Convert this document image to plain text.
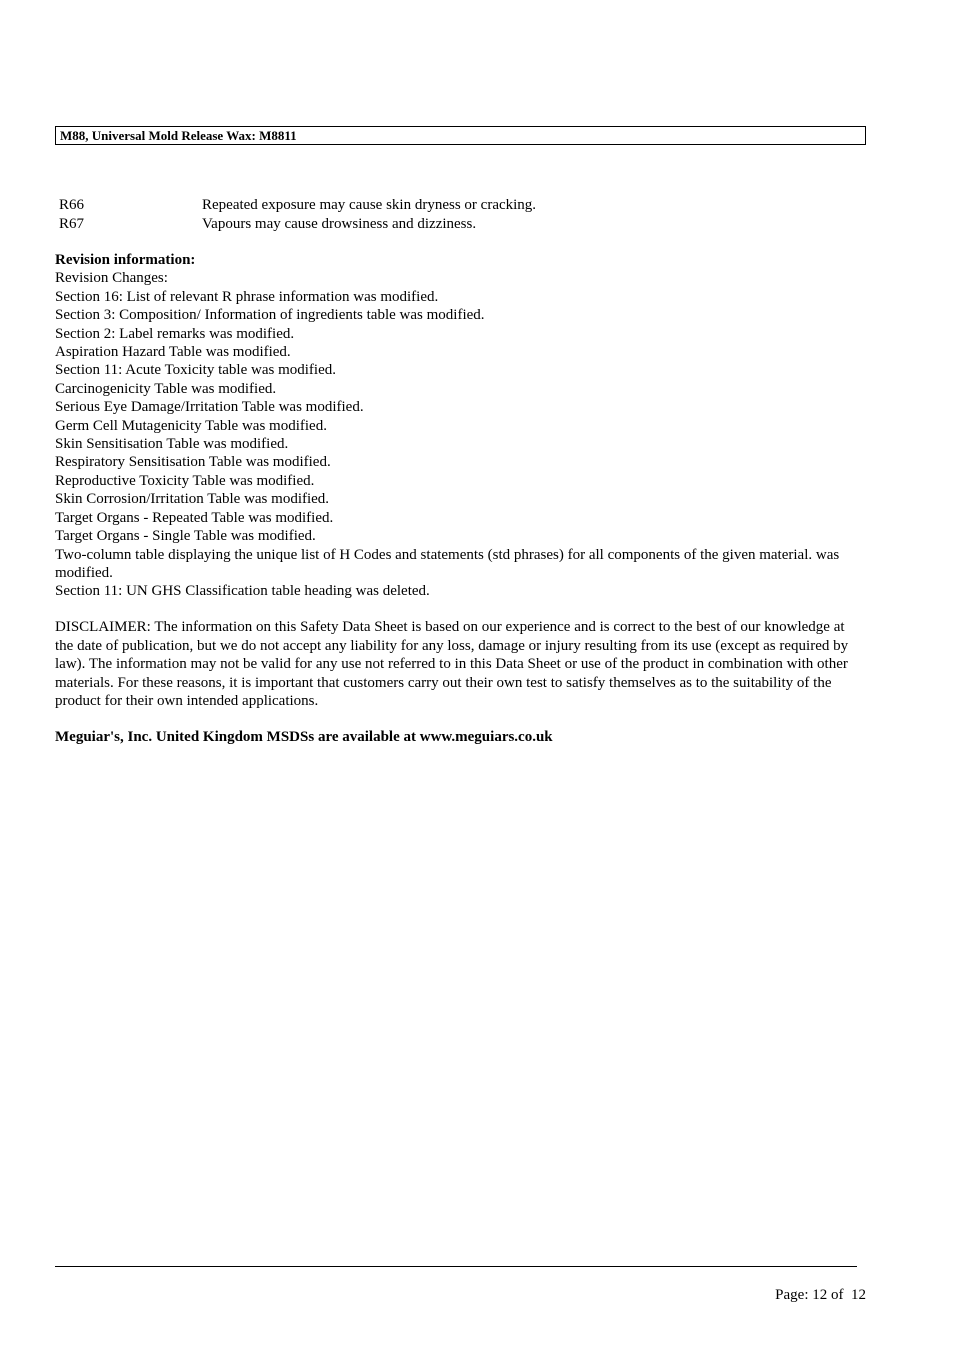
M88, Universal Mold Release Wax: M8811
R66	Repeated exposure may cause skin dryness or cracking.
R67	Vapours may cause drowsiness and dizziness.

Revision information:

Revision Changes:

Section 16: List of relevant R phrase information was modified.

Section 3: Composition/ Information of ingredients table was modified.

Section 2: Label remarks was modified.

Aspiration Hazard Table was modified.

Section 11: Acute Toxicity table was modified.

Carcinogenicity Table was modified.

Serious Eye Damage/Irritation Table was modified.

Germ Cell Mutagenicity Table was modified.

Skin Sensitisation Table was modified.

Respiratory Sensitisation Table was modified.

Reproductive Toxicity Table was modified.

Skin Corrosion/Irritation Table was modified.

Target Organs - Repeated Table was modified.

Target Organs - Single Table was modified.

Two-column table displaying the unique list of H Codes and statements (std phrases) for all components of the given material. was modified.

Section 11: UN GHS Classification table heading was deleted.

DISCLAIMER: The information on this Safety Data Sheet is based on our experience and is correct to the best of our knowledge at the date of publication, but we do not accept any liability for any loss, damage or injury resulting from its use (except as required by law). The information may not be valid for any use not referred to in this Data Sheet or use of the product in combination with other materials. For these reasons, it is important that customers carry out their own test to satisfy themselves as to the suitability of the product for their own intended applications.

Meguiar's, Inc. United Kingdom MSDSs are available at www.meguiars.co.uk

Page: 12 of 12
